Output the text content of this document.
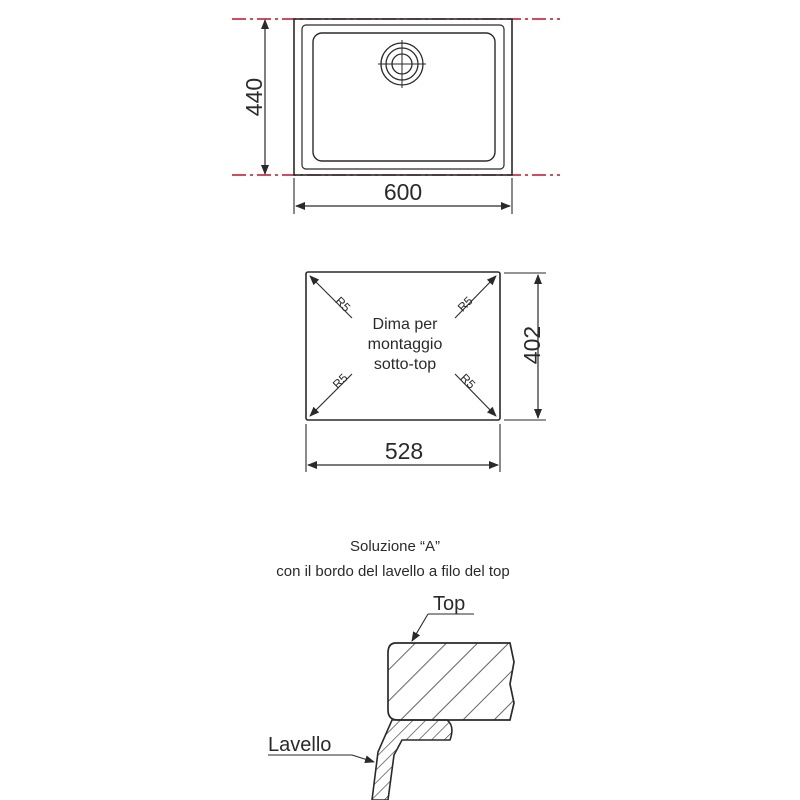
440
600
R5	R5
R5	R5
Dima per
montaggio
sotto-top
402
528
Soluzione “A”
con il bordo del lavello a filo del top
Top
Lavello
